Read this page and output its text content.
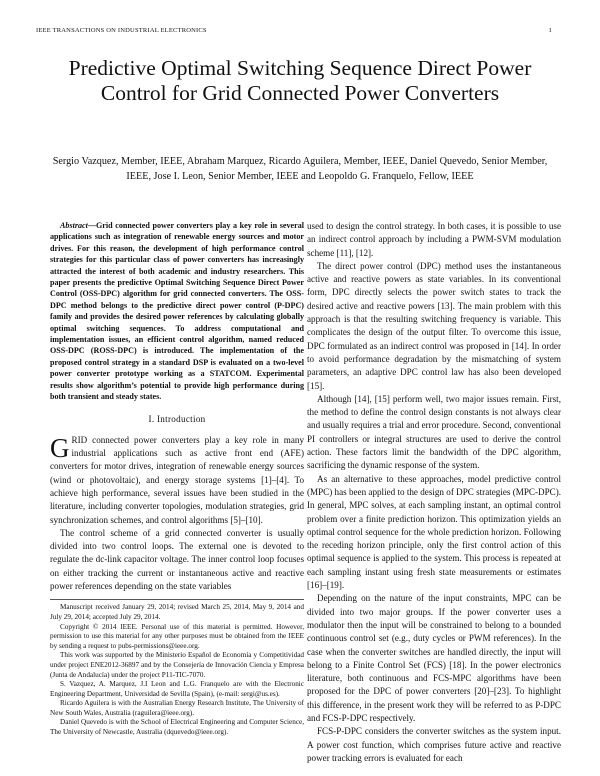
IEEE TRANSACTIONS ON INDUSTRIAL ELECTRONICS	1
Predictive Optimal Switching Sequence Direct Power Control for Grid Connected Power Converters
Sergio Vazquez, Member, IEEE, Abraham Marquez, Ricardo Aguilera, Member, IEEE, Daniel Quevedo, Senior Member, IEEE, Jose I. Leon, Senior Member, IEEE and Leopoldo G. Franquelo, Fellow, IEEE

Abstract—Grid connected power converters play a key role in several applications such as integration of renewable energy sources and motor drives. For this reason, the development of high performance control strategies for this particular class of power converters has increasingly attracted the interest of both academic and industry researchers. This paper presents the predictive Optimal Switching Sequence Direct Power Control (OSS-DPC) algorithm for grid connected converters. The OSS-DPC method belongs to the predictive direct power control (P-DPC) family and provides the desired power references by calculating globally optimal switching sequences. To address computational and implementation issues, an efficient control algorithm, named reduced OSS-DPC (ROSS-DPC) is introduced. The implementation of the proposed control strategy in a standard DSP is evaluated on a two-level power converter prototype working as a STATCOM. Experimental results show algorithm’s potential to provide high performance during both transient and steady states.

I. Introduction

GRID connected power converters play a key role in many industrial applications such as active front end (AFE) converters for motor drives, integration of renewable energy sources (wind or photovoltaic), and energy storage systems [1]–[4]. To achieve high performance, several issues have been studied in the literature, including converter topologies, modulation strategies, grid synchronization schemes, and control algorithms [5]–[10].

The control scheme of a grid connected converter is usually divided into two control loops. The external one is devoted to regulate the dc-link capacitor voltage. The inner control loop focuses on either tracking the current or instantaneous active and reactive power references depending on the state variables

Manuscript received January 29, 2014; revised March 25, 2014, May 9, 2014 and July 29, 2014; accepted July 29, 2014.

Copyright © 2014 IEEE. Personal use of this material is permitted. However, permission to use this material for any other purposes must be obtained from the IEEE by sending a request to pubs-permissions@ieee.org.

This work was supported by the Ministerio Español de Economía y Competitividad under project ENE2012-36897 and by the Consejería de Innovación Ciencia y Empresa (Junta de Andalucía) under the project P11-TIC-7070.

S. Vazquez, A. Marquez, J.I Leon and L.G. Franquelo are with the Electronic Engineering Department, Universidad de Sevilla (Spain), (e-mail: sergi@us.es).

Ricardo Aguilera is with the Australian Energy Research Institute, The University of New South Wales, Australia (raguilera@ieee.org).

Daniel Quevedo is with the School of Electrical Engineering and Computer Science, The University of Newcastle, Australia (dquevedo@ieee.org).

used to design the control strategy. In both cases, it is possible to use an indirect control approach by including a PWM-SVM modulation scheme [11], [12].

The direct power control (DPC) method uses the instantaneous active and reactive powers as state variables. In its conventional form, DPC directly selects the power switch states to track the desired active and reactive powers [13]. The main problem with this approach is that the resulting switching frequency is variable. This complicates the design of the output filter. To overcome this issue, DPC formulated as an indirect control was proposed in [14]. In order to avoid performance degradation by the mismatching of system parameters, an adaptive DPC control law has also been developed [15].

Although [14], [15] perform well, two major issues remain. First, the method to define the control design constants is not always clear and usually requires a trial and error procedure. Second, conventional PI controllers or integral structures are used to derive the control action. These factors limit the bandwidth of the DPC algorithm, sacrificing the dynamic response of the system.

As an alternative to these approaches, model predictive control (MPC) has been applied to the design of DPC strategies (MPC-DPC). In general, MPC solves, at each sampling instant, an optimal control problem over a finite prediction horizon. This optimization yields an optimal control sequence for the whole prediction horizon. Following the receding horizon principle, only the first control action of this optimal sequence is applied to the system. This process is repeated at each sampling instant using fresh state measurements or estimates [16]–[19].

Depending on the nature of the input constraints, MPC can be divided into two major groups. If the power converter uses a modulator then the input will be constrained to belong to a bounded continuous control set (e.g., duty cycles or PWM references). In the case when the converter switches are handled directly, the input will belong to a Finite Control Set (FCS) [18]. In the power electronics literature, both continuous and FCS-MPC algorithms have been proposed for the DPC of power converters [20]–[23]. To highlight this difference, in the present work they will be referred to as P-DPC and FCS-P-DPC respectively.

FCS-P-DPC considers the converter switches as the system input. A power cost function, which comprises future active and reactive power tracking errors is evaluated for each
